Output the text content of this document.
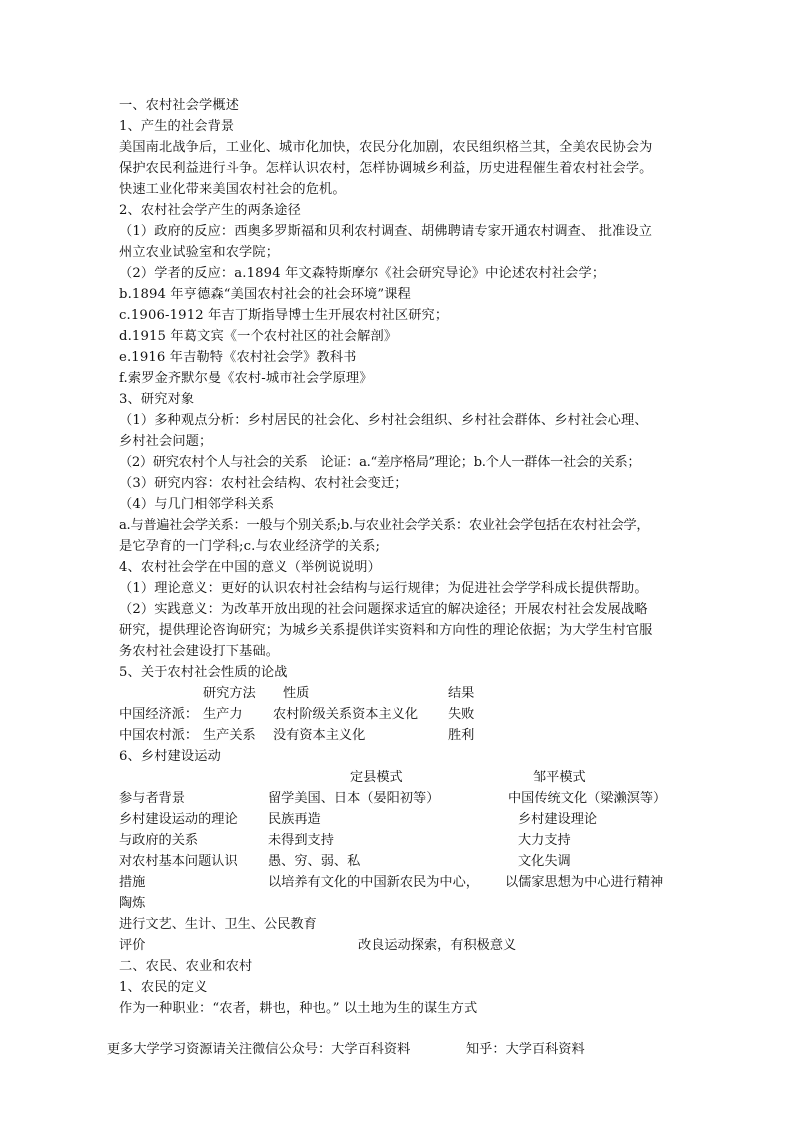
一、农村社会学概述
1、产生的社会背景
美国南北战争后，工业化、城市化加快，农民分化加剧，农民组织格兰其，全美农民协会为
保护农民利益进行斗争。怎样认识农村，怎样协调城乡利益，历史进程催生着农村社会学。
快速工业化带来美国农村社会的危机。
2、农村社会学产生的两条途径
（1）政府的反应：西奥多罗斯福和贝利农村调查、胡佛聘请专家开通农村调查、 批准设立
州立农业试验室和农学院；
（2）学者的反应：a.1894 年文森特斯摩尔《社会研究导论》中论述农村社会学；
b.1894 年亨德森“美国农村社会的社会环境”课程
c.1906-1912 年吉丁斯指导博士生开展农村社区研究；
d.1915 年葛文宾《一个农村社区的社会解剖》
e.1916 年吉勒特《农村社会学》教科书
f.索罗金齐默尔曼《农村-城市社会学原理》
3、研究对象
（1）多种观点分析：乡村居民的社会化、乡村社会组织、乡村社会群体、乡村社会心理、
乡村社会问题；
（2）研究农村个人与社会的关系　论证：a.“差序格局”理论；b.个人一群体一社会的关系；
（3）研究内容：农村社会结构、农村社会变迁；
（4）与几门相邻学科关系
a.与普遍社会学关系：一般与个别关系;b.与农业社会学关系：农业社会学包括在农村社会学，
是它孕育的一门学科;c.与农业经济学的关系;
4、农村社会学在中国的意义（举例说说明）
（1）理论意义：更好的认识农村社会结构与运行规律；为促进社会学学科成长提供帮助。
（2）实践意义：为改革开放出现的社会问题探求适宜的解决途径；开展农村社会发展战略
研究，提供理论咨询研究；为城乡关系提供详实资料和方向性的理论依据；为大学生村官服
务农村社会建设打下基础。
5、关于农村社会性质的论战
研究方法 性质	结果
中国经济派： 生产力 农村阶级关系资本主义化 失败
中国农村派： 生产关系 没有资本主义化	胜利
6、乡村建设运动
定县模式	邹平模式
参与者背景	留学美国、日本（晏阳初等）	中国传统文化（梁濑溟等）
乡村建设运动的理论 民族再造	乡村建设理论
与政府的关系	未得到支持	大力支持
对农村基本问题认识 愚、穷、弱、私	文化失调
措施	以培养有文化的中国新农民为中心， 以儒家思想为中心进行精神
陶炼
进行文艺、生计、卫生、公民教育
评价	改良运动探索，有积极意义
二、农民、农业和农村
1、农民的定义
作为一种职业：“农者，耕也，种也。” 以土地为生的谋生方式
更多大学学习资源请关注微信公众号：大学百科资料	知乎：大学百科资料
